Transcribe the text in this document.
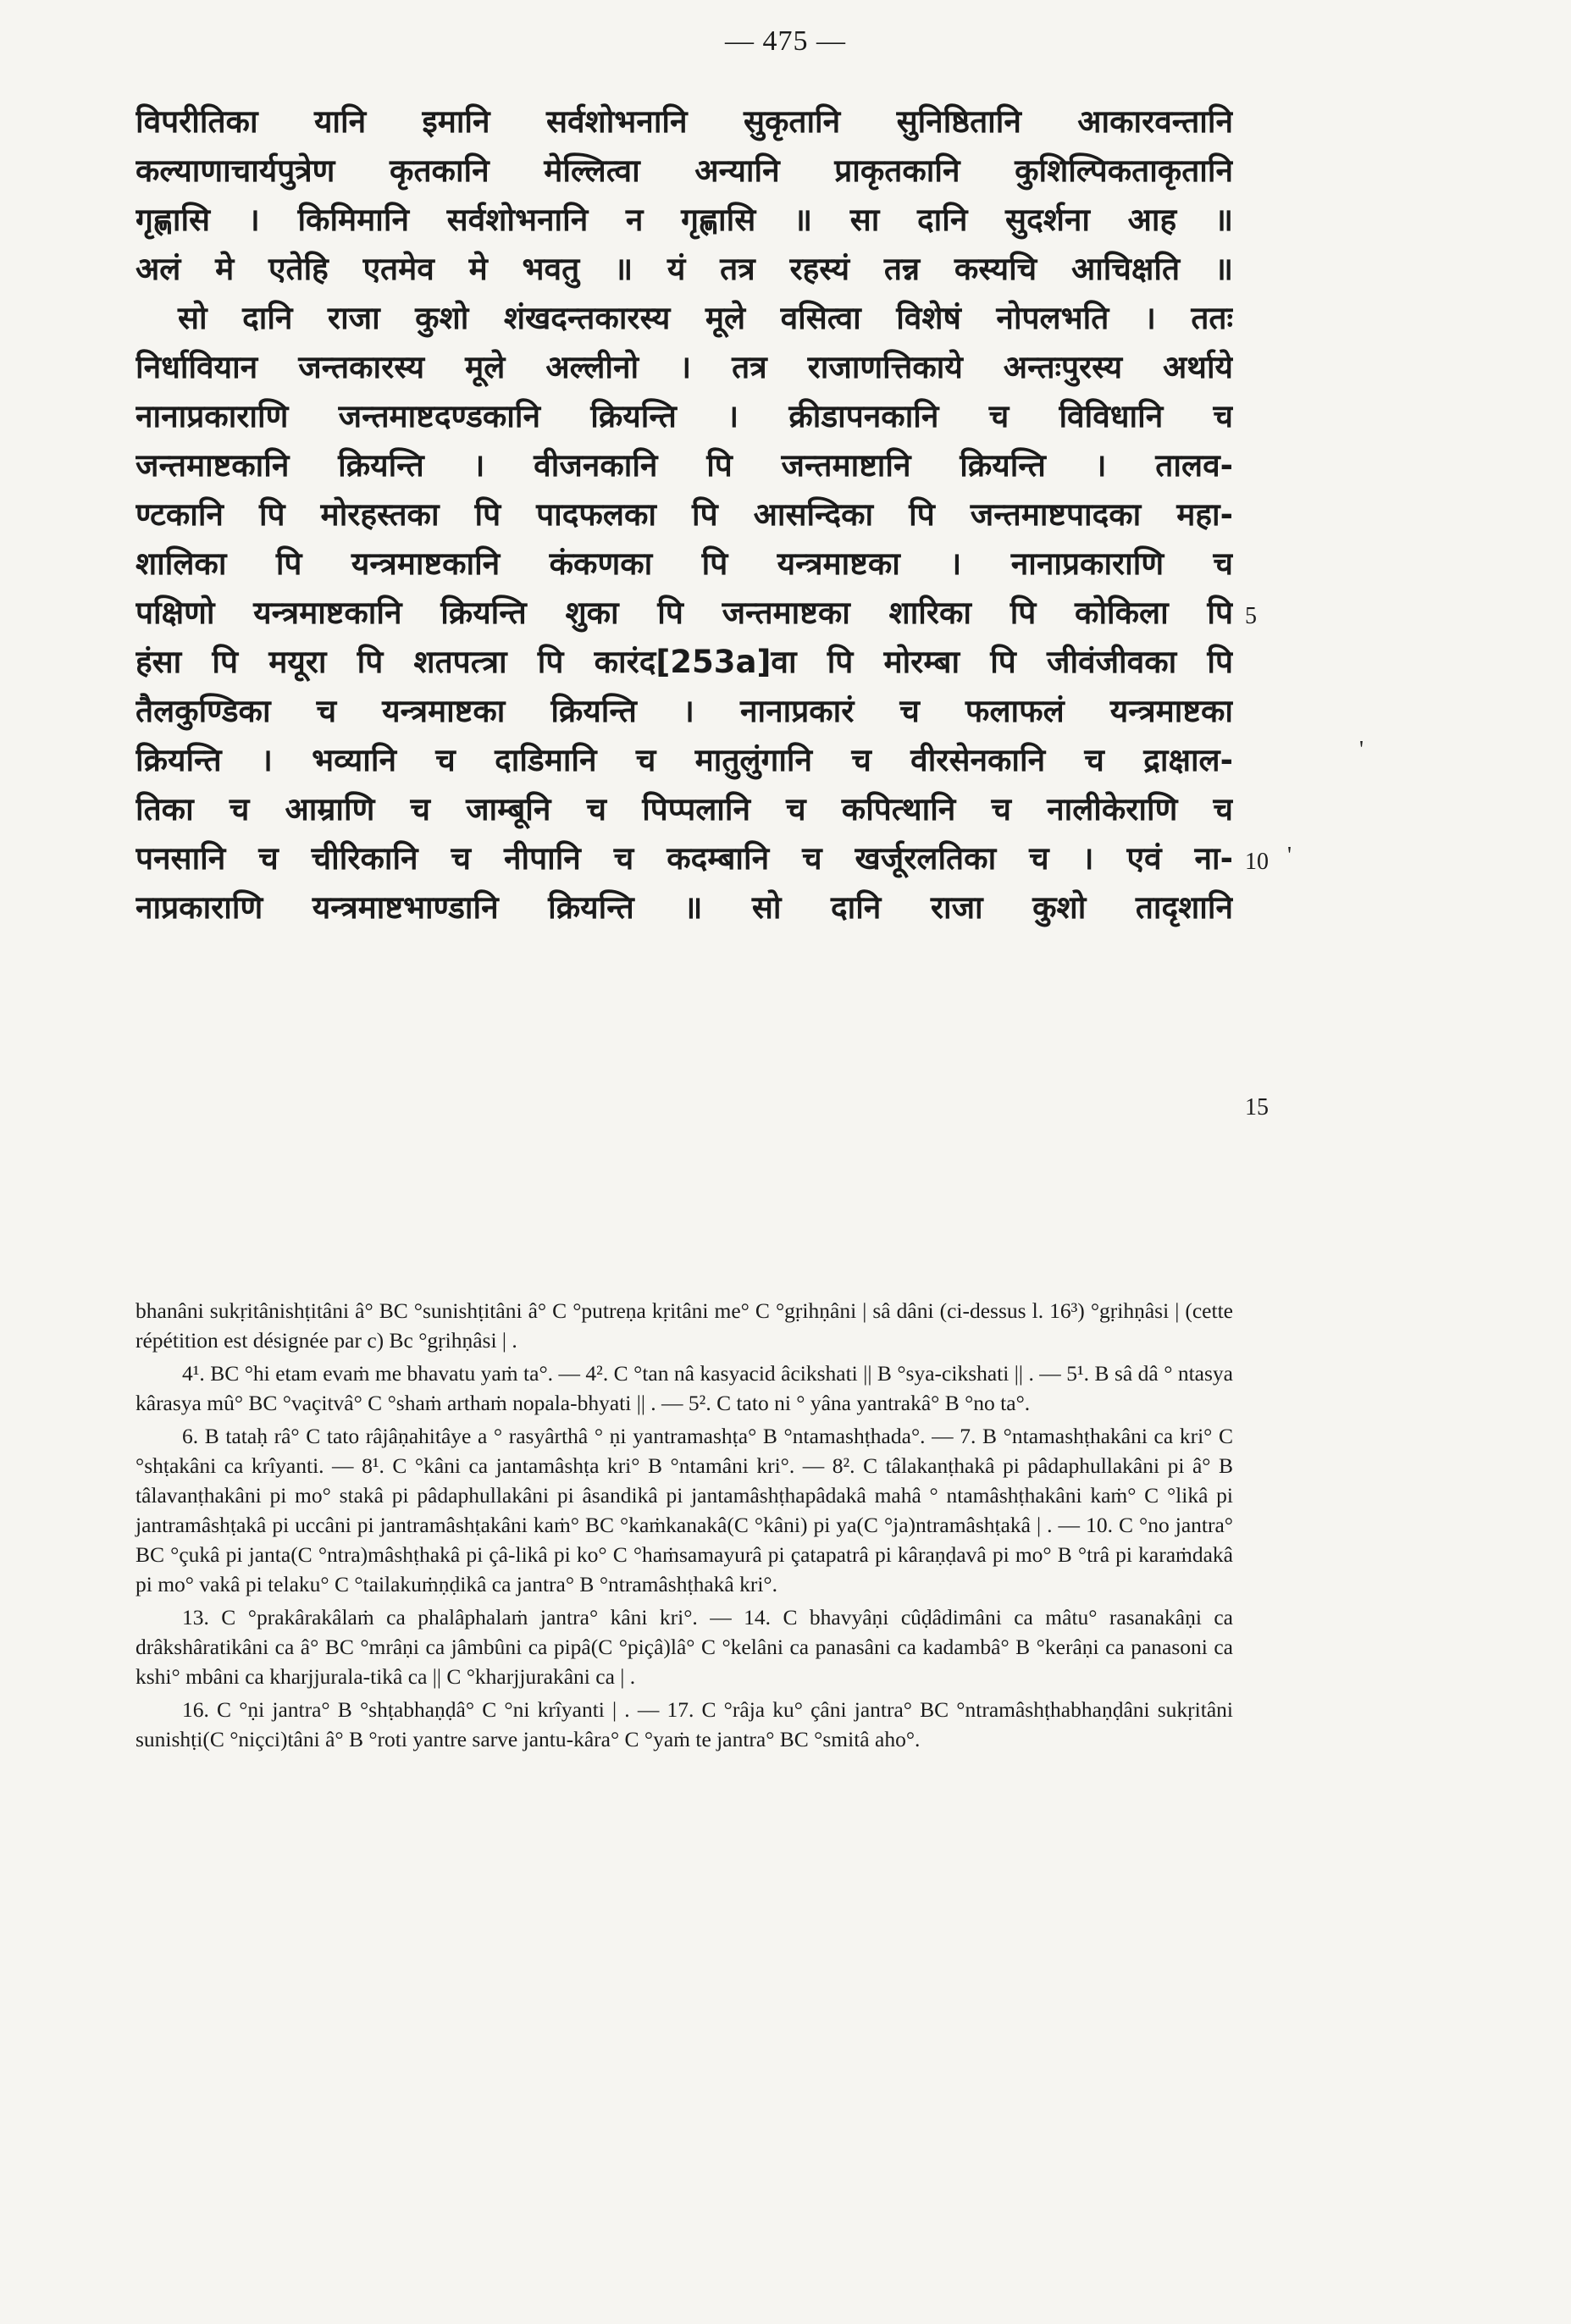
— 475 —
विपरीतिका यानि इमानि सर्वशोभनानि सुकृतानि सुनिष्ठितानि आकारवन्तानि
कल्याणाचार्यपुत्रेण कृतकानि मेल्लित्वा अन्यानि प्राकृतकानि कुशिल्पिकताकृतानि
गृह्णासि । किमिमानि सर्वशोभनानि न गृह्णासि ॥ सा दानि सुदर्शना आह ॥
अलं मे एतेहि एतमेव मे भवतु ॥ यं तत्र रहस्यं तन्न कस्यचि आचिक्षति ॥
सो दानि राजा कुशो शंखदन्तकारस्य मूले वसित्वा विशेषं नोपलभति । ततः
निर्धावियान जन्तकारस्य मूले अल्लीनो । तत्र राजाणत्तिकाये अन्तःपुरस्य अर्थाये
नानाप्रकाराणि जन्तमाष्टदण्डकानि क्रियन्ति । क्रीडापनकानि च विविधानि च
जन्तमाष्टकानि क्रियन्ति । वीजनकानि पि जन्तमाष्टानि क्रियन्ति । तालव-
ण्टकानि पि मोरहस्तका पि पादफलका पि आसन्दिका पि जन्तमाष्टपादका महा-
शालिका पि यन्त्रमाष्टकानि कंकणका पि यन्त्रमाष्टका । नानाप्रकाराणि च
पक्षिणो यन्त्रमाष्टकानि क्रियन्ति शुका पि जन्तमाष्टका शारिका पि कोकिला पि
हंसा पि मयूरा पि शतपत्त्रा पि कारंद[253a]वा पि मोरम्बा पि जीवंजीवका पि
तैलकुण्डिका च यन्त्रमाष्टका क्रियन्ति । नानाप्रकारं च फलाफलं यन्त्रमाष्टका
क्रियन्ति । भव्यानि च दाडिमानि च मातुलुंगानि च वीरसेनकानि च द्राक्षाल-
तिका च आम्राणि च जाम्बूनि च पिप्पलानि च कपित्थानि च नालीकेराणि च
पनसानि च चीरिकानि च नीपानि च कदम्बानि च खर्जूरलतिका च । एवं ना-
नाप्रकाराणि यन्त्रमाष्टभाण्डानि क्रियन्ति ॥ सो दानि राजा कुशो तादृशानि
5
10
15
'
'

bhanâni sukṛitânishṭitâni â° BC °sunishṭitâni â° C °putreṇa kṛitâni me° C °gṛihṇâni | sâ dâni (ci-dessus l. 16³) °gṛihṇâsi | (cette répétition est désignée par c) Bc °gṛihṇâsi | .

4¹. BC °hi etam evaṁ me bhavatu yaṁ ta°. — 4². C °tan nâ kasyacid âcikshati || B °sya-cikshati || . — 5¹. B sâ dâ ° ntasya kârasya mû° BC °vaçitvâ° C °shaṁ arthaṁ nopala-bhyati || . — 5². C tato ni ° yâna yantrakâ° B °no ta°.

6. B tataḥ râ° C tato râjâṇahitâye a ° rasyârthâ ° ṇi yantramashṭa° B °ntamashṭhada°. — 7. B °ntamashṭhakâni ca kri° C °shṭakâni ca krîyanti. — 8¹. C °kâni ca jantamâshṭa kri° B °ntamâni kri°. — 8². C tâlakanṭhakâ pi pâdaphullakâni pi â° B tâlavanṭhakâni pi mo° stakâ pi pâdaphullakâni pi âsandikâ pi jantamâshṭhapâdakâ mahâ ° ntamâshṭhakâni kaṁ° C °likâ pi jantramâshṭakâ pi uccâni pi jantramâshṭakâni kaṁ° BC °kaṁkanakâ(C °kâni) pi ya(C °ja)ntramâshṭakâ | . — 10. C °no jantra° BC °çukâ pi janta(C °ntra)mâshṭhakâ pi çâ-likâ pi ko° C °haṁsamayurâ pi çatapatrâ pi kâraṇḍavâ pi mo° B °trâ pi karaṁdakâ pi mo° vakâ pi telaku° C °tailakuṁṇḍikâ ca jantra° B °ntramâshṭhakâ kri°.

13. C °prakârakâlaṁ ca phalâphalaṁ jantra° kâni kri°. — 14. C bhavyâṇi cûḍâdimâni ca mâtu° rasanakâṇi ca drâkshâratikâni ca â° BC °mrâṇi ca jâmbûni ca pipâ(C °piçâ)lâ° C °kelâni ca panasâni ca kadambâ° B °kerâṇi ca panasoni ca kshi° mbâni ca kharjjurala-tikâ ca || C °kharjjurakâni ca | .

16. C °ṇi jantra° B °shṭabhaṇḍâ° C °ni krîyanti | . — 17. C °râja ku° çâni jantra° BC °ntramâshṭhabhaṇḍâni sukṛitâni sunishṭi(C °niçci)tâni â° B °roti yantre sarve jantu-kâra° C °yaṁ te jantra° BC °smitâ aho°.
